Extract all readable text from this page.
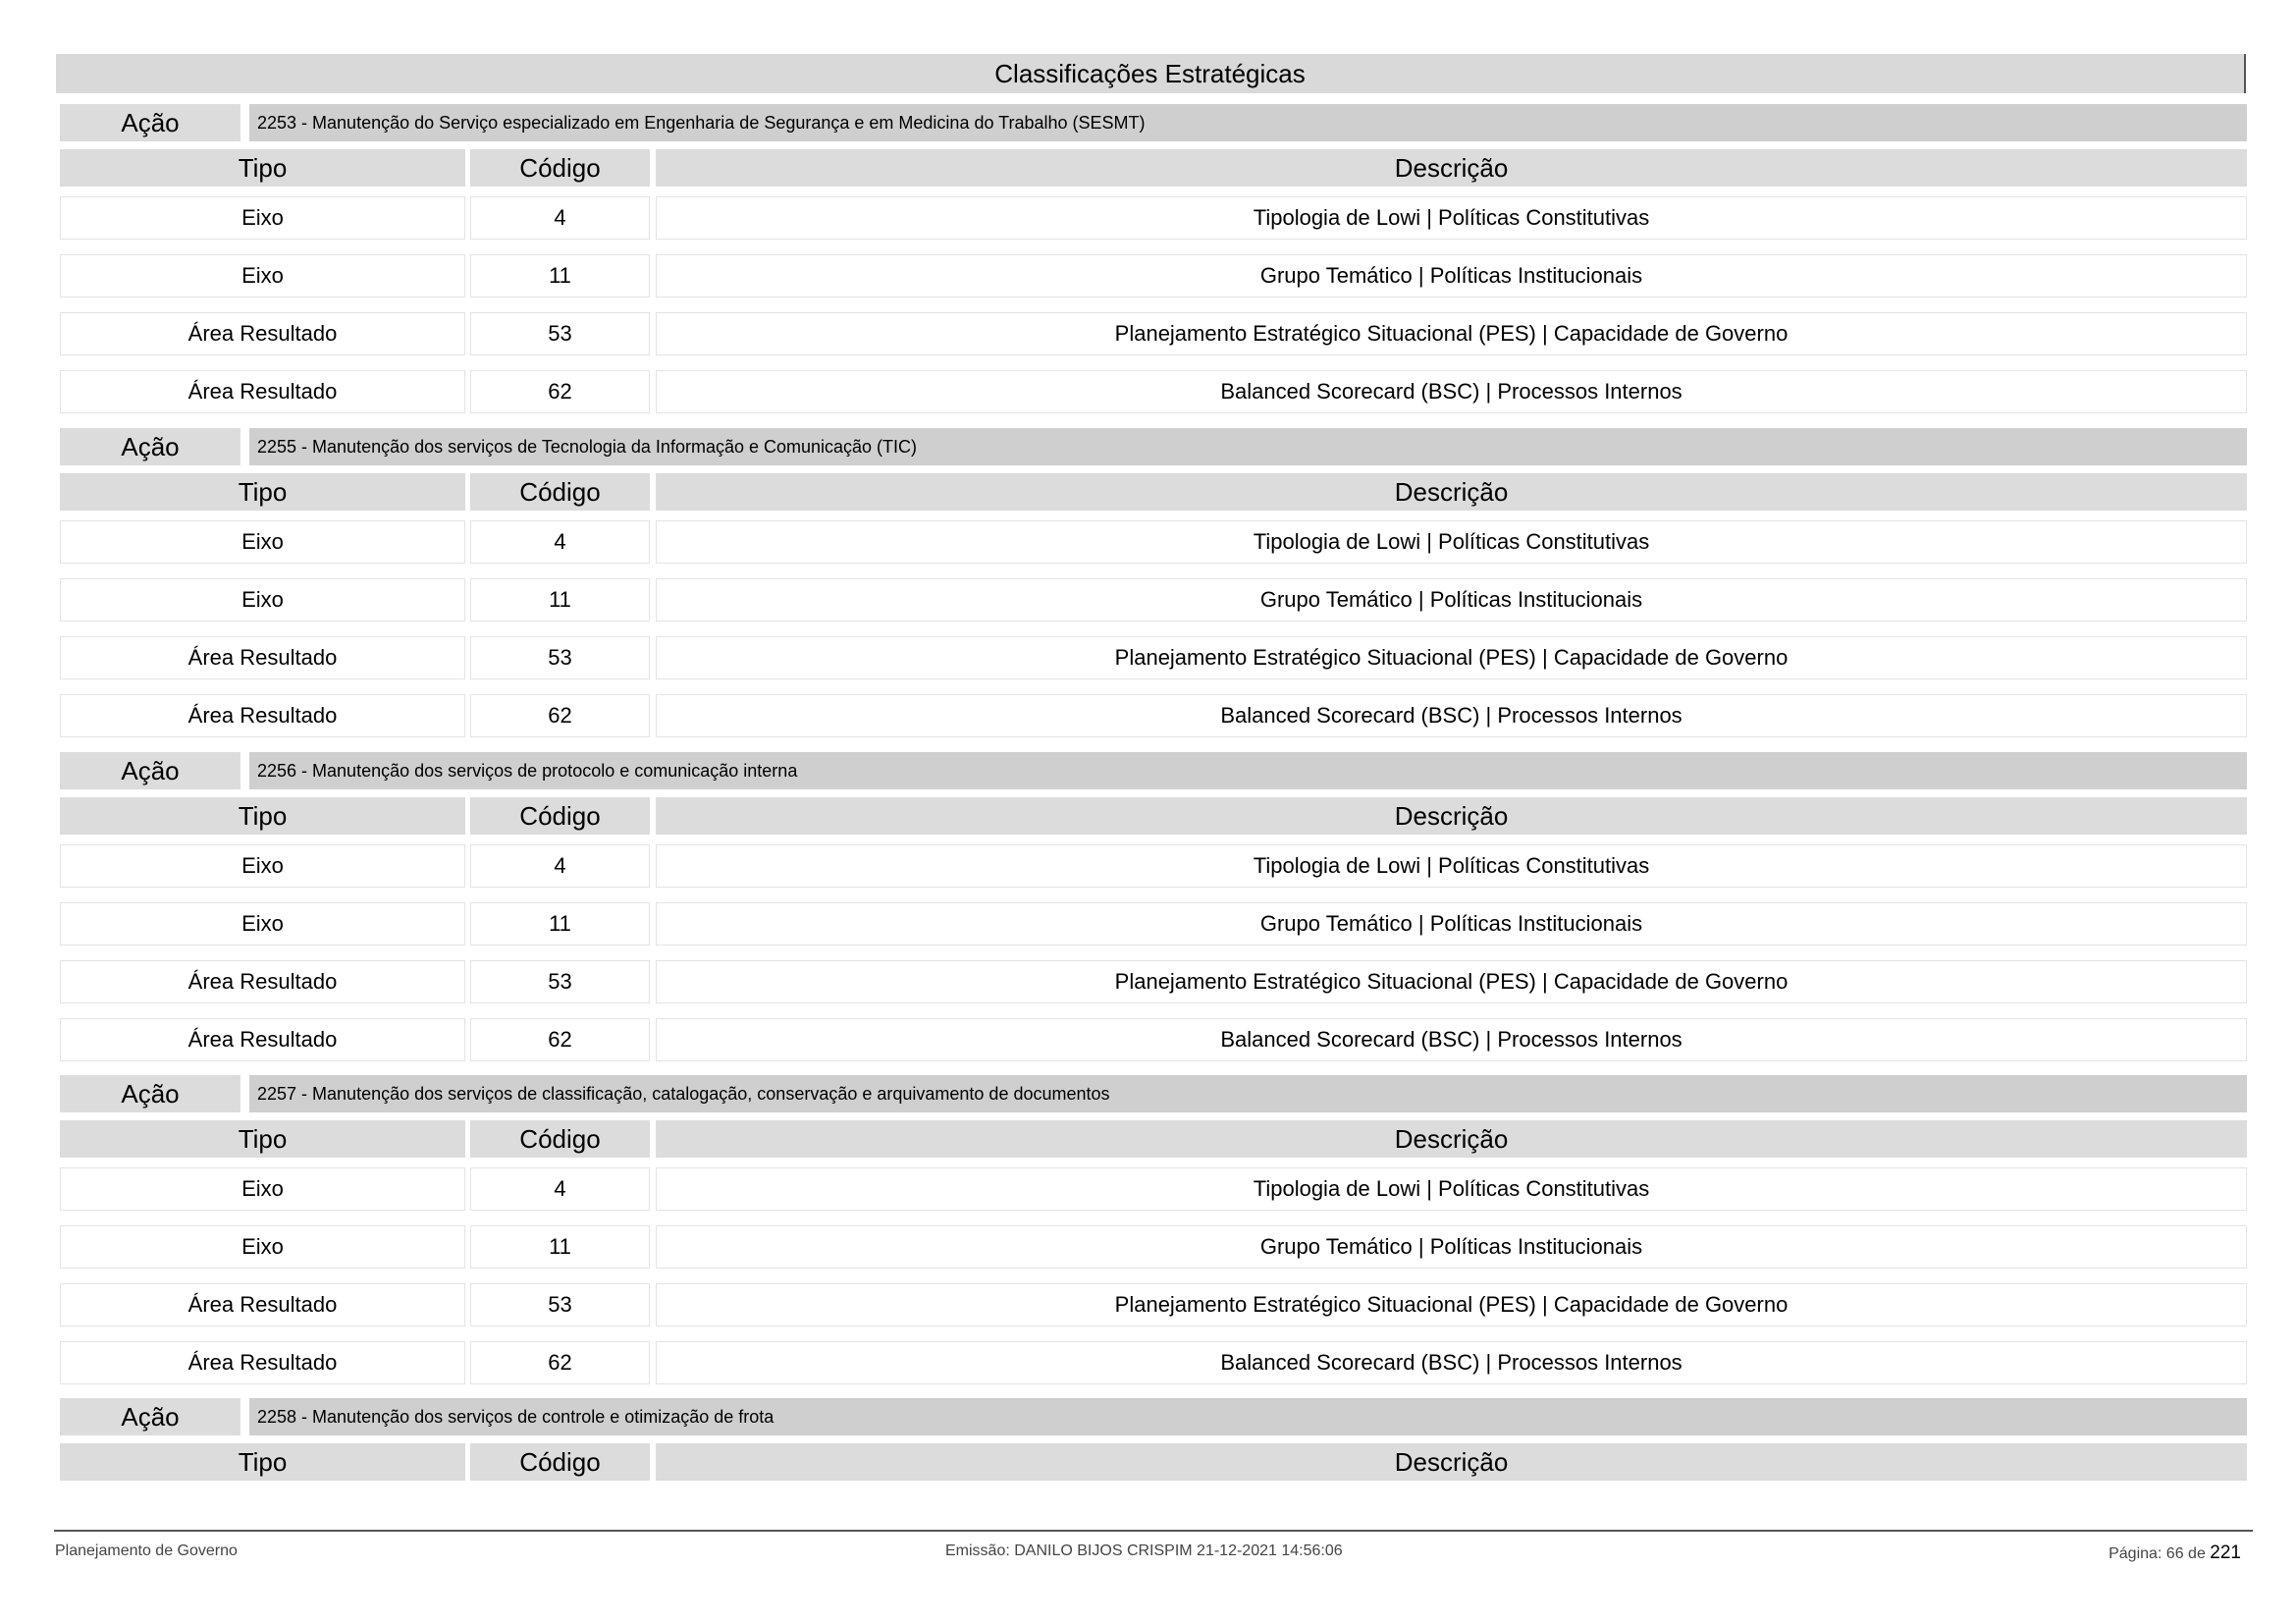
Classificações Estratégicas
Ação	2253 - Manutenção do Serviço especializado em Engenharia de Segurança e em Medicina do Trabalho (SESMT)
Tipo	Código	Descrição
Eixo	4	Tipologia de Lowi | Políticas Constitutivas
Eixo	11	Grupo Temático | Políticas Institucionais
Área Resultado	53	Planejamento Estratégico Situacional (PES) | Capacidade de Governo
Área Resultado	62	Balanced Scorecard (BSC) | Processos Internos
Ação	2255 - Manutenção dos serviços de Tecnologia da Informação e Comunicação (TIC)
Tipo	Código	Descrição
Eixo	4	Tipologia de Lowi | Políticas Constitutivas
Eixo	11	Grupo Temático | Políticas Institucionais
Área Resultado	53	Planejamento Estratégico Situacional (PES) | Capacidade de Governo
Área Resultado	62	Balanced Scorecard (BSC) | Processos Internos
Ação	2256 - Manutenção dos serviços de protocolo e comunicação interna
Tipo	Código	Descrição
Eixo	4	Tipologia de Lowi | Políticas Constitutivas
Eixo	11	Grupo Temático | Políticas Institucionais
Área Resultado	53	Planejamento Estratégico Situacional (PES) | Capacidade de Governo
Área Resultado	62	Balanced Scorecard (BSC) | Processos Internos
Ação	2257 - Manutenção dos serviços de classificação, catalogação, conservação e arquivamento de documentos
Tipo	Código	Descrição
Eixo	4	Tipologia de Lowi | Políticas Constitutivas
Eixo	11	Grupo Temático | Políticas Institucionais
Área Resultado	53	Planejamento Estratégico Situacional (PES) | Capacidade de Governo
Área Resultado	62	Balanced Scorecard (BSC) | Processos Internos
Ação	2258 - Manutenção dos serviços de controle e otimização de frota
Tipo	Código	Descrição
Planejamento de Governo	Emissão: DANILO BIJOS CRISPIM 21-12-2021 14:56:06	Página: 66 de 221
